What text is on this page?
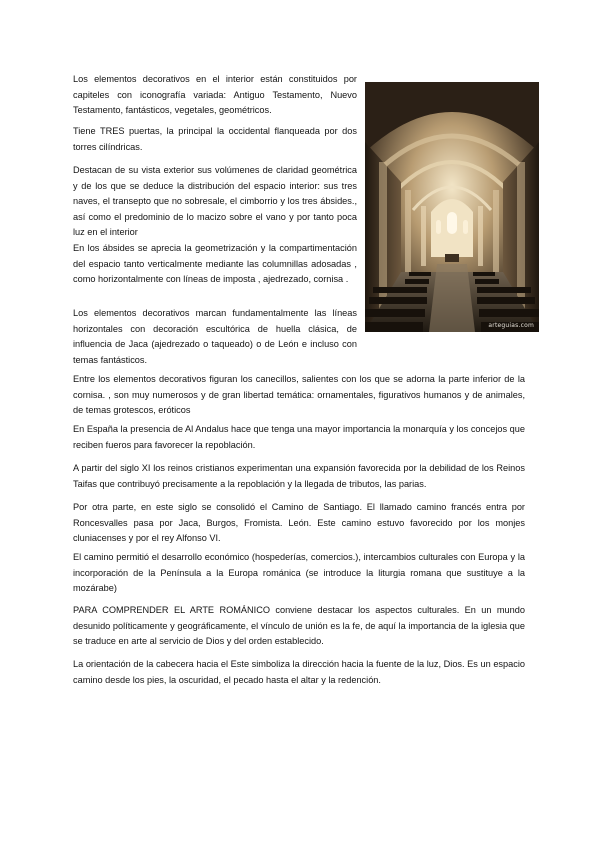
Los elementos decorativos en el interior están constituidos por capiteles con iconografía variada: Antiguo Testamento, Nuevo Testamento, fantásticos, vegetales, geométricos.

Tiene TRES puertas, la principal la occidental flanqueada por dos torres cilíndricas.

Destacan de su vista exterior sus volúmenes de claridad geométrica y de los que se deduce la distribución del espacio interior: sus tres naves, el transepto que no sobresale, el cimborrio y los tres ábsides., así como el predominio de lo macizo sobre el vano y por tanto poca luz en el interior

En los ábsides se aprecia la geometrización y la compartimentación del espacio tanto verticalmente mediante las columnillas adosadas , como horizontalmente con líneas de imposta , ajedrezado, cornisa .

Los elementos decorativos marcan fundamentalmente las líneas horizontales con decoración escultórica de huella clásica, de influencia de Jaca (ajedrezado o taqueado) o de León e incluso con temas fantásticos.

arteguias.com

Entre los elementos decorativos figuran los canecillos, salientes con los que se adorna la parte inferior de la cornisa. , son muy numerosos y de gran libertad temática: ornamentales, figurativos humanos y de animales, de temas grotescos, eróticos

En España la presencia de Al Andalus hace que tenga una mayor importancia la monarquía y los concejos que reciben fueros para favorecer la repoblación.

A partir del siglo XI los reinos cristianos experimentan una expansión favorecida por la debilidad de los Reinos Taifas que contribuyó precisamente a la repoblación y la llegada de tributos, las parias.

Por otra parte, en este siglo se consolidó el Camino de Santiago. El llamado camino francés entra por Roncesvalles pasa por Jaca, Burgos, Fromista. León. Este camino estuvo favorecido por los monjes cluniacenses y por el rey Alfonso VI.

El camino permitió el desarrollo económico (hospederías, comercios.), intercambios culturales con Europa y la incorporación de la Península a la Europa románica (se introduce la liturgia romana que sustituye a la mozárabe)

PARA COMPRENDER EL ARTE ROMÁNICO conviene destacar los aspectos culturales. En un mundo desunido políticamente y geográficamente, el vínculo de unión es la fe, de aquí la importancia de la iglesia que se traduce en arte al servicio de Dios y del orden establecido.

La orientación de la cabecera hacia el Este simboliza la dirección hacia la fuente de la luz, Dios. Es un espacio camino desde los pies, la oscuridad, el pecado hasta el altar y la redención.
